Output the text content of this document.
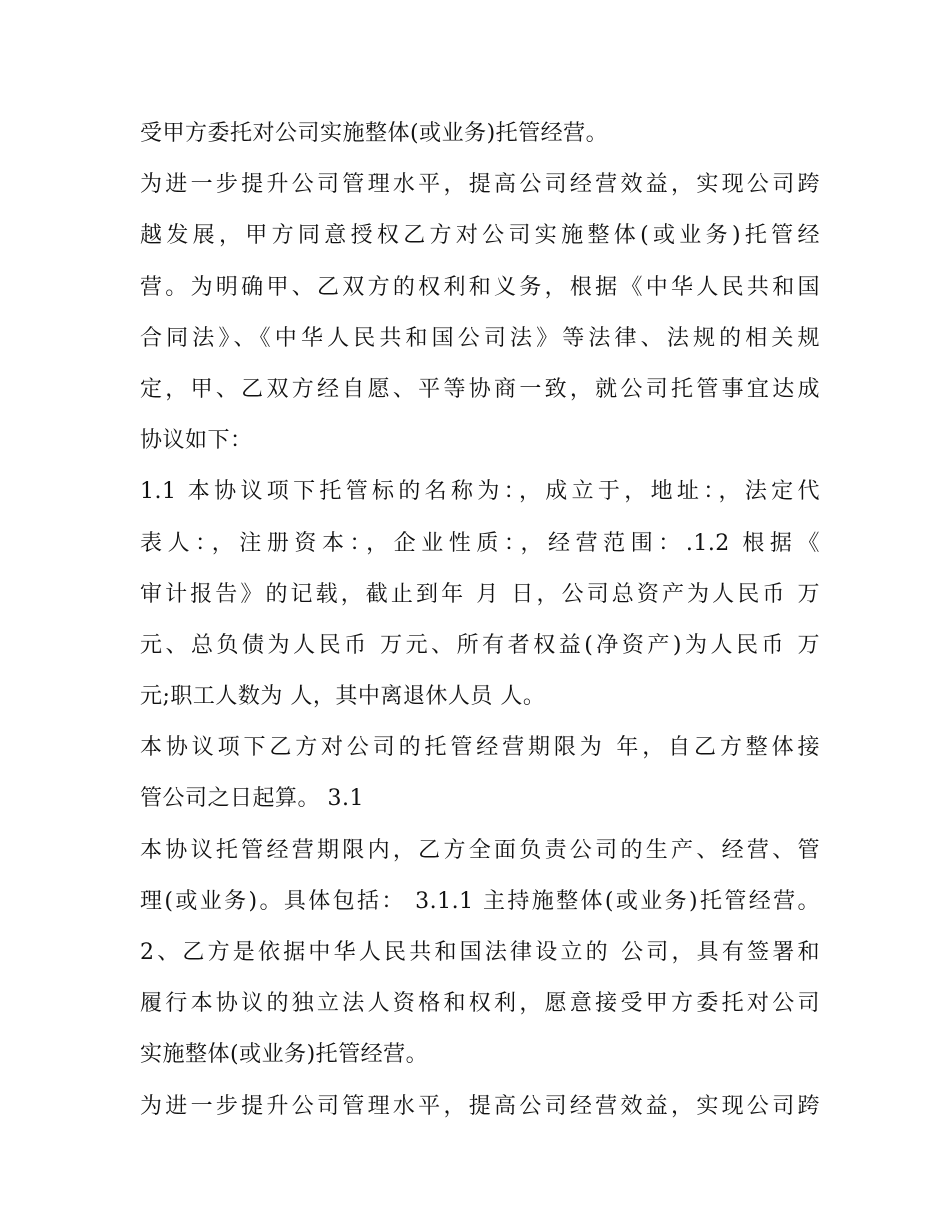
受甲方委托对公司实施整体(或业务)托管经营。
为进一步提升公司管理水平，提高公司经营效益，实现公司跨
越发展，甲方同意授权乙方对公司实施整体(或业务)托管经
营。为明确甲、乙双方的权利和义务，根据《中华人民共和国
合同法》、《中华人民共和国公司法》等法律、法规的相关规
定，甲、乙双方经自愿、平等协商一致，就公司托管事宜达成
协议如下：
1.1 本协议项下托管标的名称为：，成立于，地址：，法定代
表人：，注册资本：，企业性质：，经营范围：.1.2 根据《
审计报告》的记载，截止到年 月 日，公司总资产为人民币 万
元、总负债为人民币 万元、所有者权益(净资产)为人民币 万
元;职工人数为 人，其中离退休人员 人。
本协议项下乙方对公司的托管经营期限为 年，自乙方整体接
管公司之日起算。 3.1
本协议托管经营期限内，乙方全面负责公司的生产、经营、管
理(或业务)。具体包括： 3.1.1 主持施整体(或业务)托管经营。
2、乙方是依据中华人民共和国法律设立的 公司，具有签署和
履行本协议的独立法人资格和权利，愿意接受甲方委托对公司
实施整体(或业务)托管经营。
为进一步提升公司管理水平，提高公司经营效益，实现公司跨
